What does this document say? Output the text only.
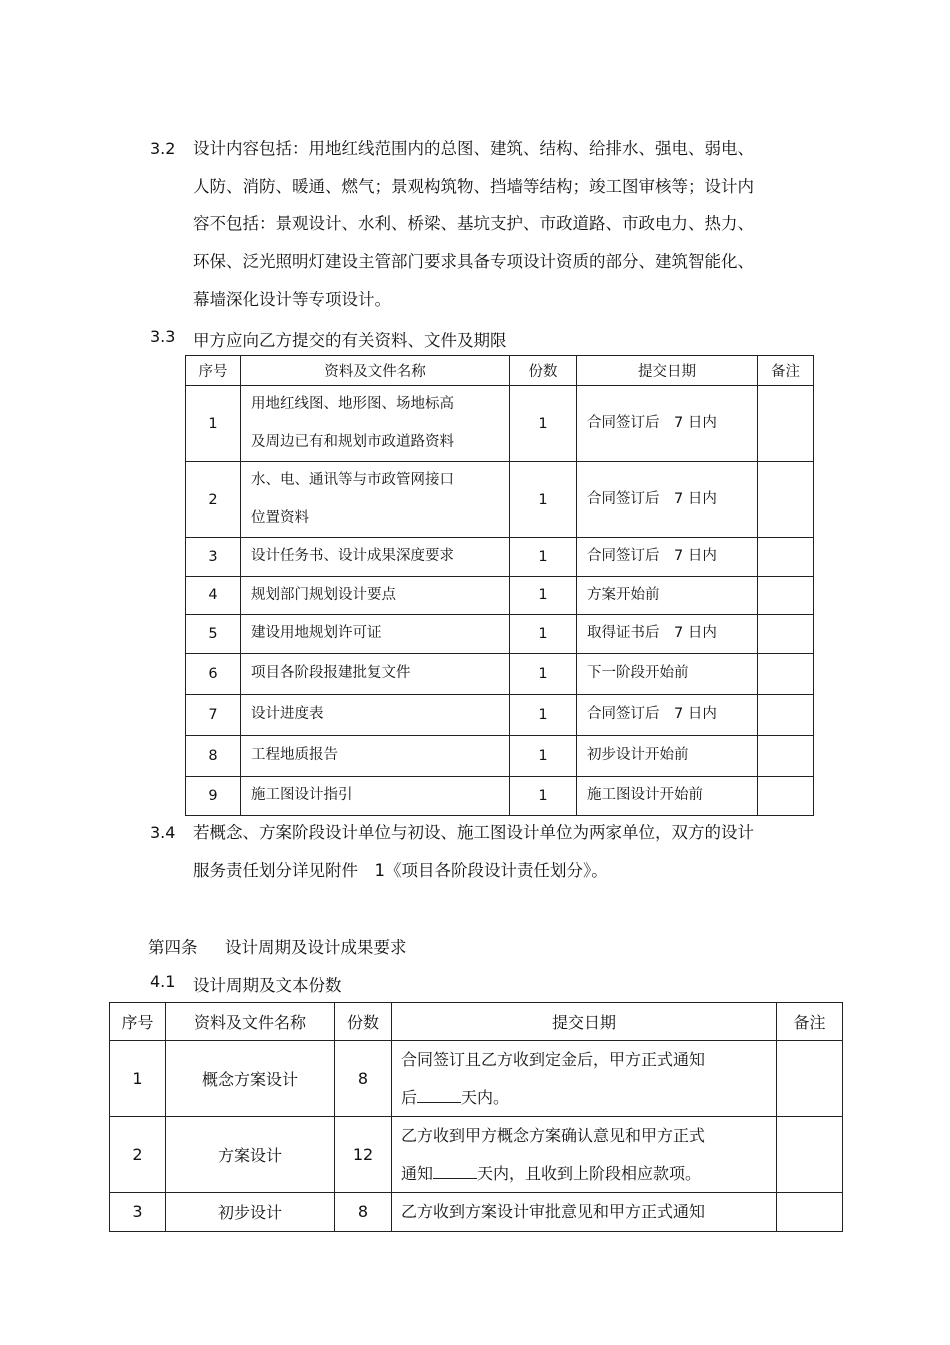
3.2 设计内容包括：用地红线范围内的总图、建筑、结构、给排水、强电、弱电、
人防、消防、暖通、燃气；景观构筑物、挡墙等结构；竣工图审核等；设计内
容不包括：景观设计、水利、桥梁、基坑支护、市政道路、市政电力、热力、
环保、泛光照明灯建设主管部门要求具备专项设计资质的部分、建筑智能化、
幕墙深化设计等专项设计。
3.3 甲方应向乙方提交的有关资料、文件及期限
序号	资料及文件名称	份数	提交日期	备注
1	用地红线图、地形图、场地标高
及周边已有和规划市政道路资料	1	合同签订后　7 日内	
2	水、电、通讯等与市政管网接口
位置资料	1	合同签订后　7 日内	
3	设计任务书、设计成果深度要求	1	合同签订后　7 日内	
4	规划部门规划设计要点	1	方案开始前	
5	建设用地规划许可证	1	取得证书后　7 日内	
6	项目各阶段报建批复文件	1	下一阶段开始前	
7	设计进度表	1	合同签订后　7 日内	
8	工程地质报告	1	初步设计开始前	
9	施工图设计指引	1	施工图设计开始前	
3.4 若概念、方案阶段设计单位与初设、施工图设计单位为两家单位，双方的设计
服务责任划分详见附件　1《项目各阶段设计责任划分》。
第四条 设计周期及设计成果要求
4.1 设计周期及文本份数
序号	资料及文件名称	份数	提交日期	备注
1	概念方案设计	8	合同签订且乙方收到定金后，甲方正式通知
后 天内。	

2	方案设计	12	乙方收到甲方概念方案确认意见和甲方正式
通知 天内，且收到上阶段相应款项。	

3	初步设计	8	乙方收到方案设计审批意见和甲方正式通知	
